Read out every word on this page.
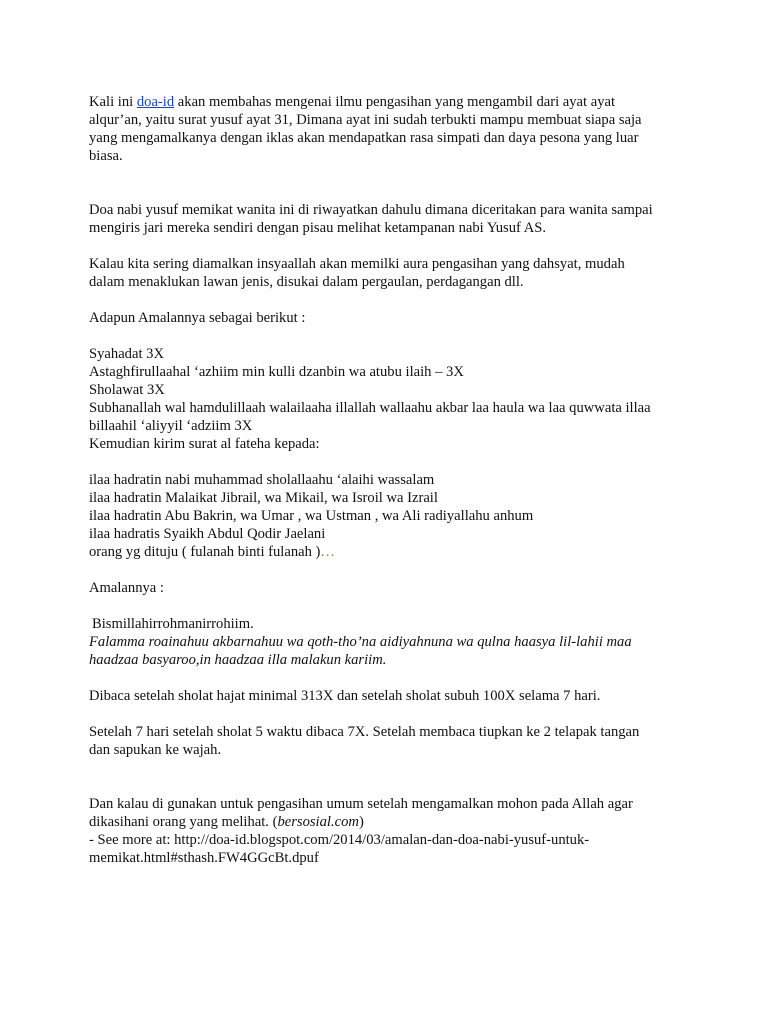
Kali ini doa-id akan membahas mengenai ilmu pengasihan yang mengambil dari ayat ayat

alqur’an, yaitu surat yusuf ayat 31, Dimana ayat ini sudah terbukti mampu membuat siapa saja

yang mengamalkanya dengan iklas akan mendapatkan rasa simpati dan daya pesona yang luar

biasa.

Doa nabi yusuf memikat wanita ini di riwayatkan dahulu dimana diceritakan para wanita sampai

mengiris jari mereka sendiri dengan pisau melihat ketampanan nabi Yusuf AS.

Kalau kita sering diamalkan insyaallah akan memilki aura pengasihan yang dahsyat, mudah

dalam menaklukan lawan jenis, disukai dalam pergaulan, perdagangan dll.

Adapun Amalannya sebagai berikut :

Syahadat 3X

Astaghfirullaahal ‘azhiim min kulli dzanbin wa atubu ilaih – 3X

Sholawat 3X

Subhanallah wal hamdulillaah walailaaha illallah wallaahu akbar laa haula wa laa quwwata illaa

billaahil ‘aliyyil ‘adziim 3X

Kemudian kirim surat al fateha kepada:

ilaa hadratin nabi muhammad sholallaahu ‘alaihi wassalam

ilaa hadratin Malaikat Jibrail, wa Mikail, wa Isroil wa Izrail

ilaa hadratin Abu Bakrin, wa Umar , wa Ustman , wa Ali radiyallahu anhum

ilaa hadratis Syaikh Abdul Qodir Jaelani

orang yg dituju ( fulanah binti fulanah )…

Amalannya :

Bismillahirrohmanirrohiim.

Falamma roainahuu akbarnahuu wa qoth-tho’na aidiyahnuna wa qulna haasya lil-lahii maa

haadzaa basyaroo,in haadzaa illa malakun kariim.

Dibaca setelah sholat hajat minimal 313X dan setelah sholat subuh 100X selama 7 hari.

Setelah 7 hari setelah sholat 5 waktu dibaca 7X. Setelah membaca tiupkan ke 2 telapak tangan

dan sapukan ke wajah.

Dan kalau di gunakan untuk pengasihan umum setelah mengamalkan mohon pada Allah agar

dikasihani orang yang melihat. (bersosial.com)

- See more at: http://doa-id.blogspot.com/2014/03/amalan-dan-doa-nabi-yusuf-untuk-

memikat.html#sthash.FW4GGcBt.dpuf
